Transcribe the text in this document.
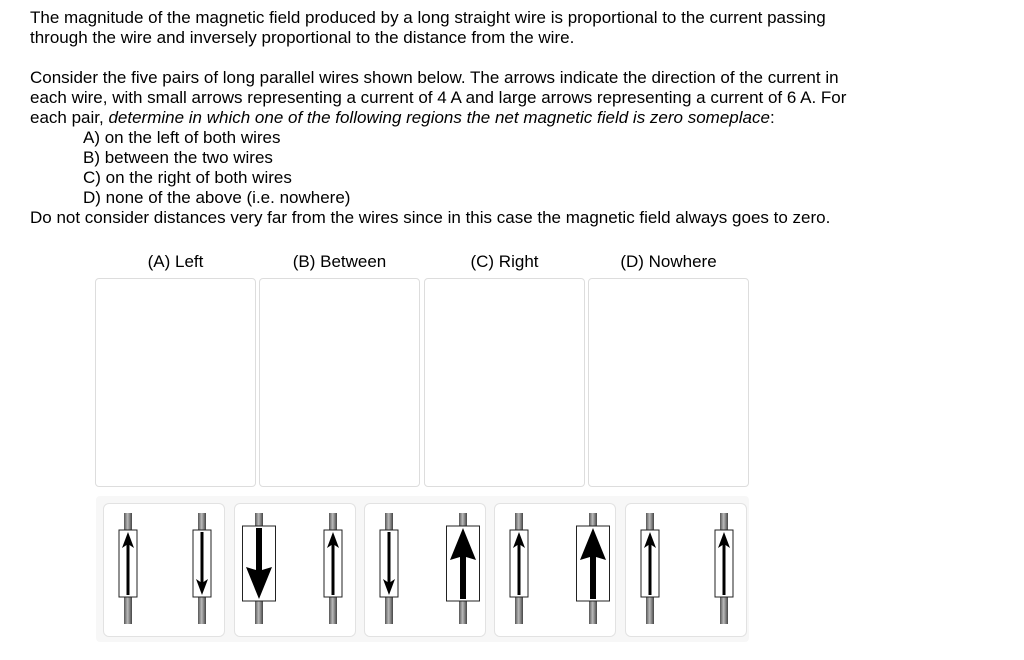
The magnitude of the magnetic field produced by a long straight wire is proportional to the current passing
through the wire and inversely proportional to the distance from the wire.
Consider the five pairs of long parallel wires shown below. The arrows indicate the direction of the current in
each wire, with small arrows representing a current of 4 A and large arrows representing a current of 6 A. For
each pair, determine in which one of the following regions the net magnetic field is zero someplace:
A) on the left of both wires
B) between the two wires
C) on the right of both wires
D) none of the above (i.e. nowhere)
Do not consider distances very far from the wires since in this case the magnetic field always goes to zero.
(A) Left	(B) Between	(C) Right	(D) Nowhere
